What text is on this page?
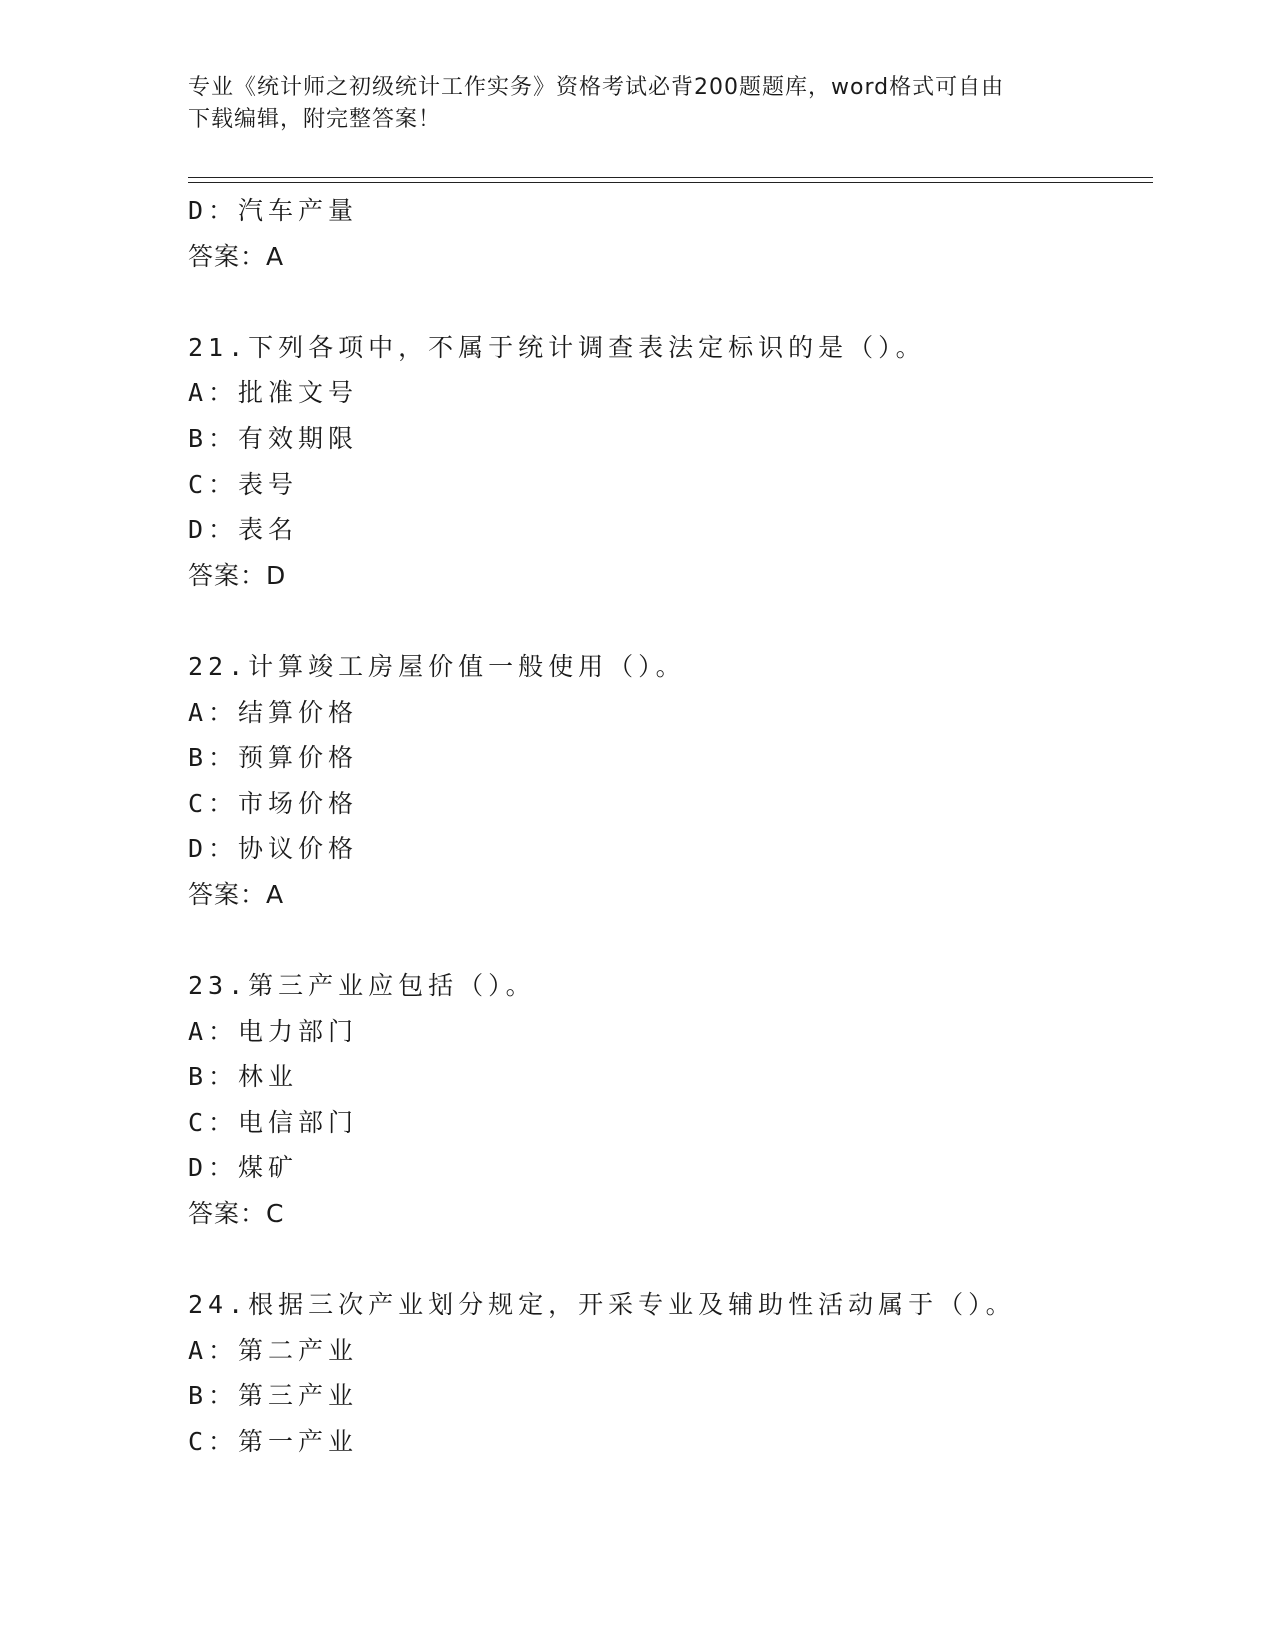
专业《统计师之初级统计工作实务》资格考试必背200题题库，word格式可自由
下载编辑，附完整答案！
D：汽车产量
答案：A
21.下列各项中，不属于统计调查表法定标识的是（）。
A：批准文号
B：有效期限
C：表号
D：表名
答案：D
22.计算竣工房屋价值一般使用（）。
A：结算价格
B：预算价格
C：市场价格
D：协议价格
答案：A
23.第三产业应包括（）。
A：电力部门
B：林业
C：电信部门
D：煤矿
答案：C
24.根据三次产业划分规定，开采专业及辅助性活动属于（）。
A：第二产业
B：第三产业
C：第一产业
